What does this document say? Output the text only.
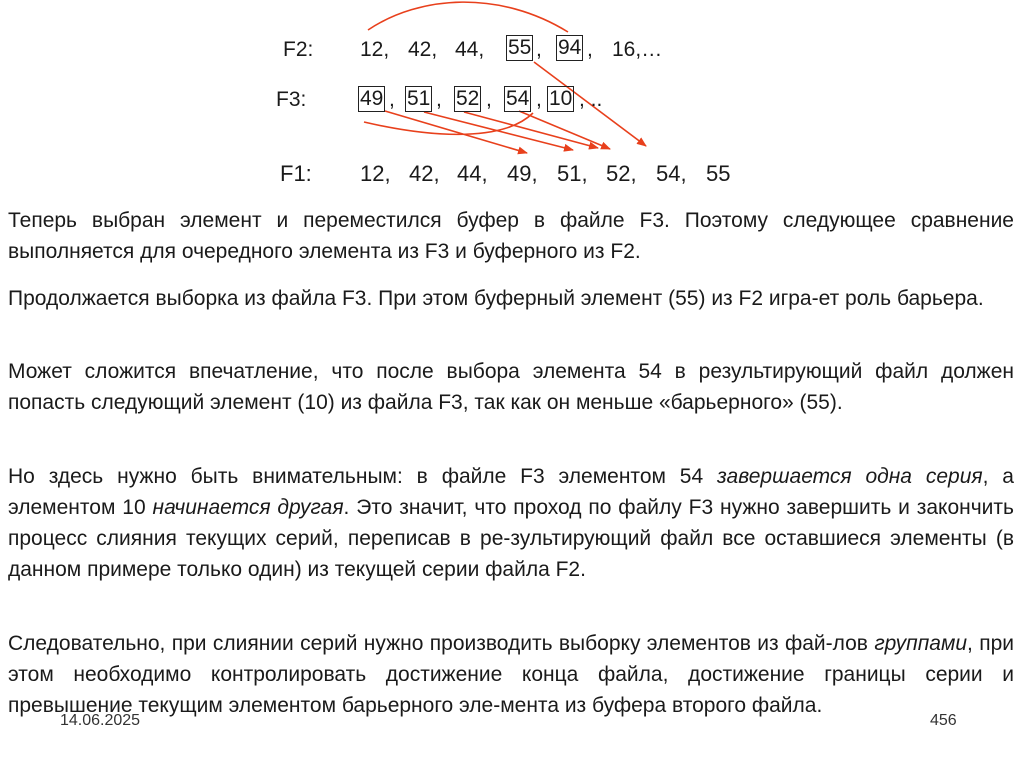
F2: 12, 42, 44, 55 , 94 , 16,…
F3:	49 , 51 , 52 , 54 , 10 , ..
F1: 12, 42, 44, 49, 51, 52, 54, 55

Теперь выбран элемент и переместился буфер в файле F3. Поэтому следующее сравнение выполняется для очередного элемента из F3 и буферного из F2.

Продолжается выборка из файла F3. При этом буферный элемент (55) из F2 игра-ет роль барьера.

Может сложится впечатление, что после выбора элемента 54 в результирующий файл должен попасть следующий элемент (10) из файла F3, так как он меньше «барьерного» (55).

Но здесь нужно быть внимательным: в файле F3 элементом 54 завершается одна серия, а элементом 10 начинается другая. Это значит, что проход по файлу F3 нужно завершить и закончить процесс слияния текущих серий, переписав в ре-зультирующий файл все оставшиеся элементы (в данном примере только один) из текущей серии файла F2.

Следовательно, при слиянии серий нужно производить выборку элементов из фай-лов группами, при этом необходимо контролировать достижение конца файла, достижение границы серии и превышение текущим элементом барьерного эле-мента из буфера второго файла.

14.06.2025	456
